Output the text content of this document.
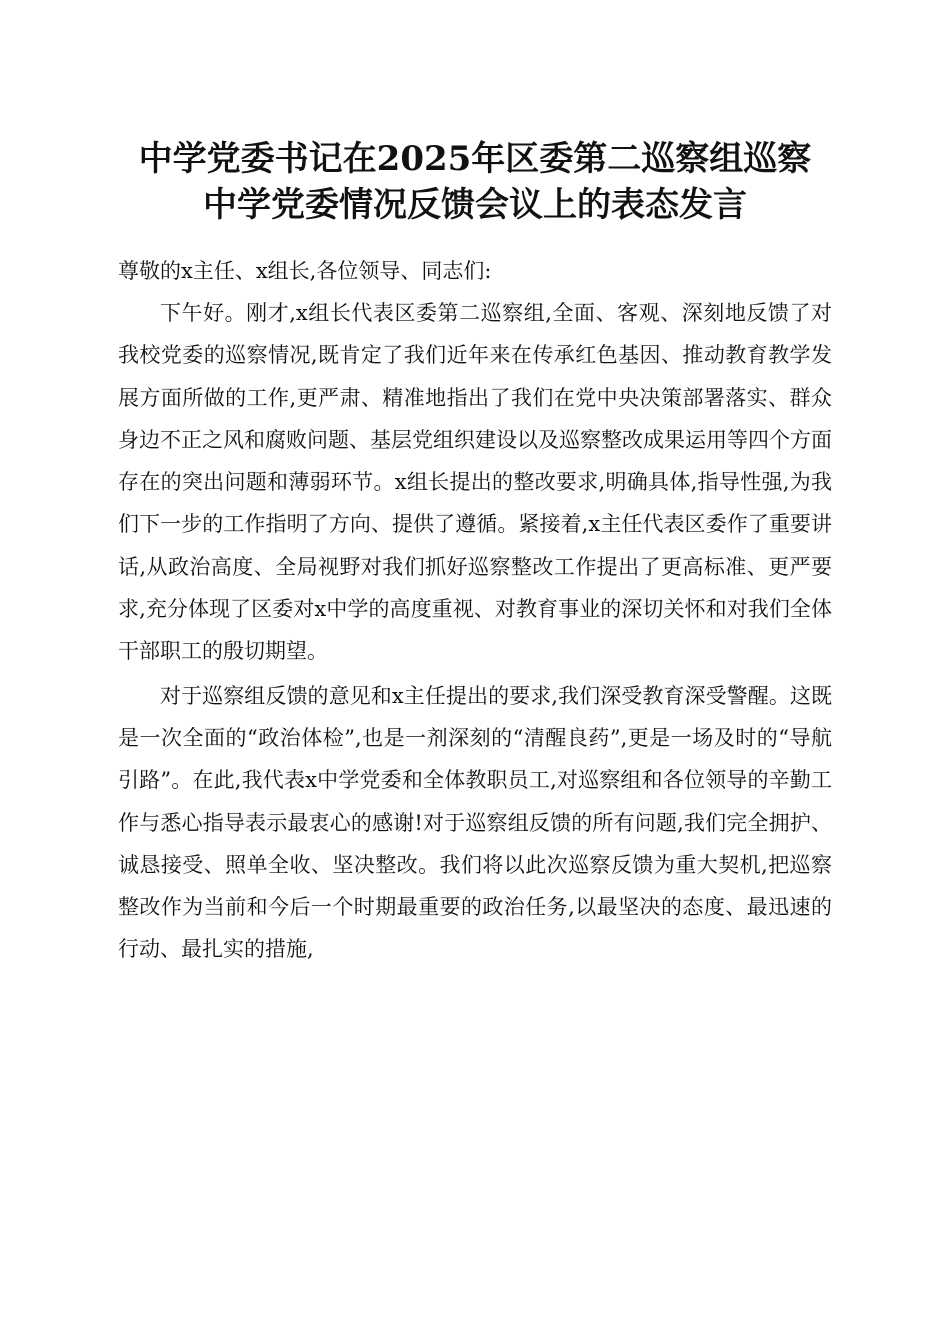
中学党委书记在2025年区委第二巡察组巡察
中学党委情况反馈会议上的表态发言

尊敬的x主任、x组长,各位领导、同志们:

下午好。刚才,x组长代表区委第二巡察组,全面、客观、深刻地反馈了对我校党委的巡察情况,既肯定了我们近年来在传承红色基因、推动教育教学发展方面所做的工作,更严肃、精准地指出了我们在党中央决策部署落实、群众身边不正之风和腐败问题、基层党组织建设以及巡察整改成果运用等四个方面存在的突出问题和薄弱环节。x组长提出的整改要求,明确具体,指导性强,为我们下一步的工作指明了方向、提供了遵循。紧接着,x主任代表区委作了重要讲话,从政治高度、全局视野对我们抓好巡察整改工作提出了更高标准、更严要求,充分体现了区委对x中学的高度重视、对教育事业的深切关怀和对我们全体干部职工的殷切期望。

对于巡察组反馈的意见和x主任提出的要求,我们深受教育深受警醒。这既是一次全面的“政治体检”,也是一剂深刻的“清醒良药”,更是一场及时的“导航引路”。在此,我代表x中学党委和全体教职员工,对巡察组和各位领导的辛勤工作与悉心指导表示最衷心的感谢!对于巡察组反馈的所有问题,我们完全拥护、诚恳接受、照单全收、坚决整改。我们将以此次巡察反馈为重大契机,把巡察整改作为当前和今后一个时期最重要的政治任务,以最坚决的态度、最迅速的行动、最扎实的措施,
